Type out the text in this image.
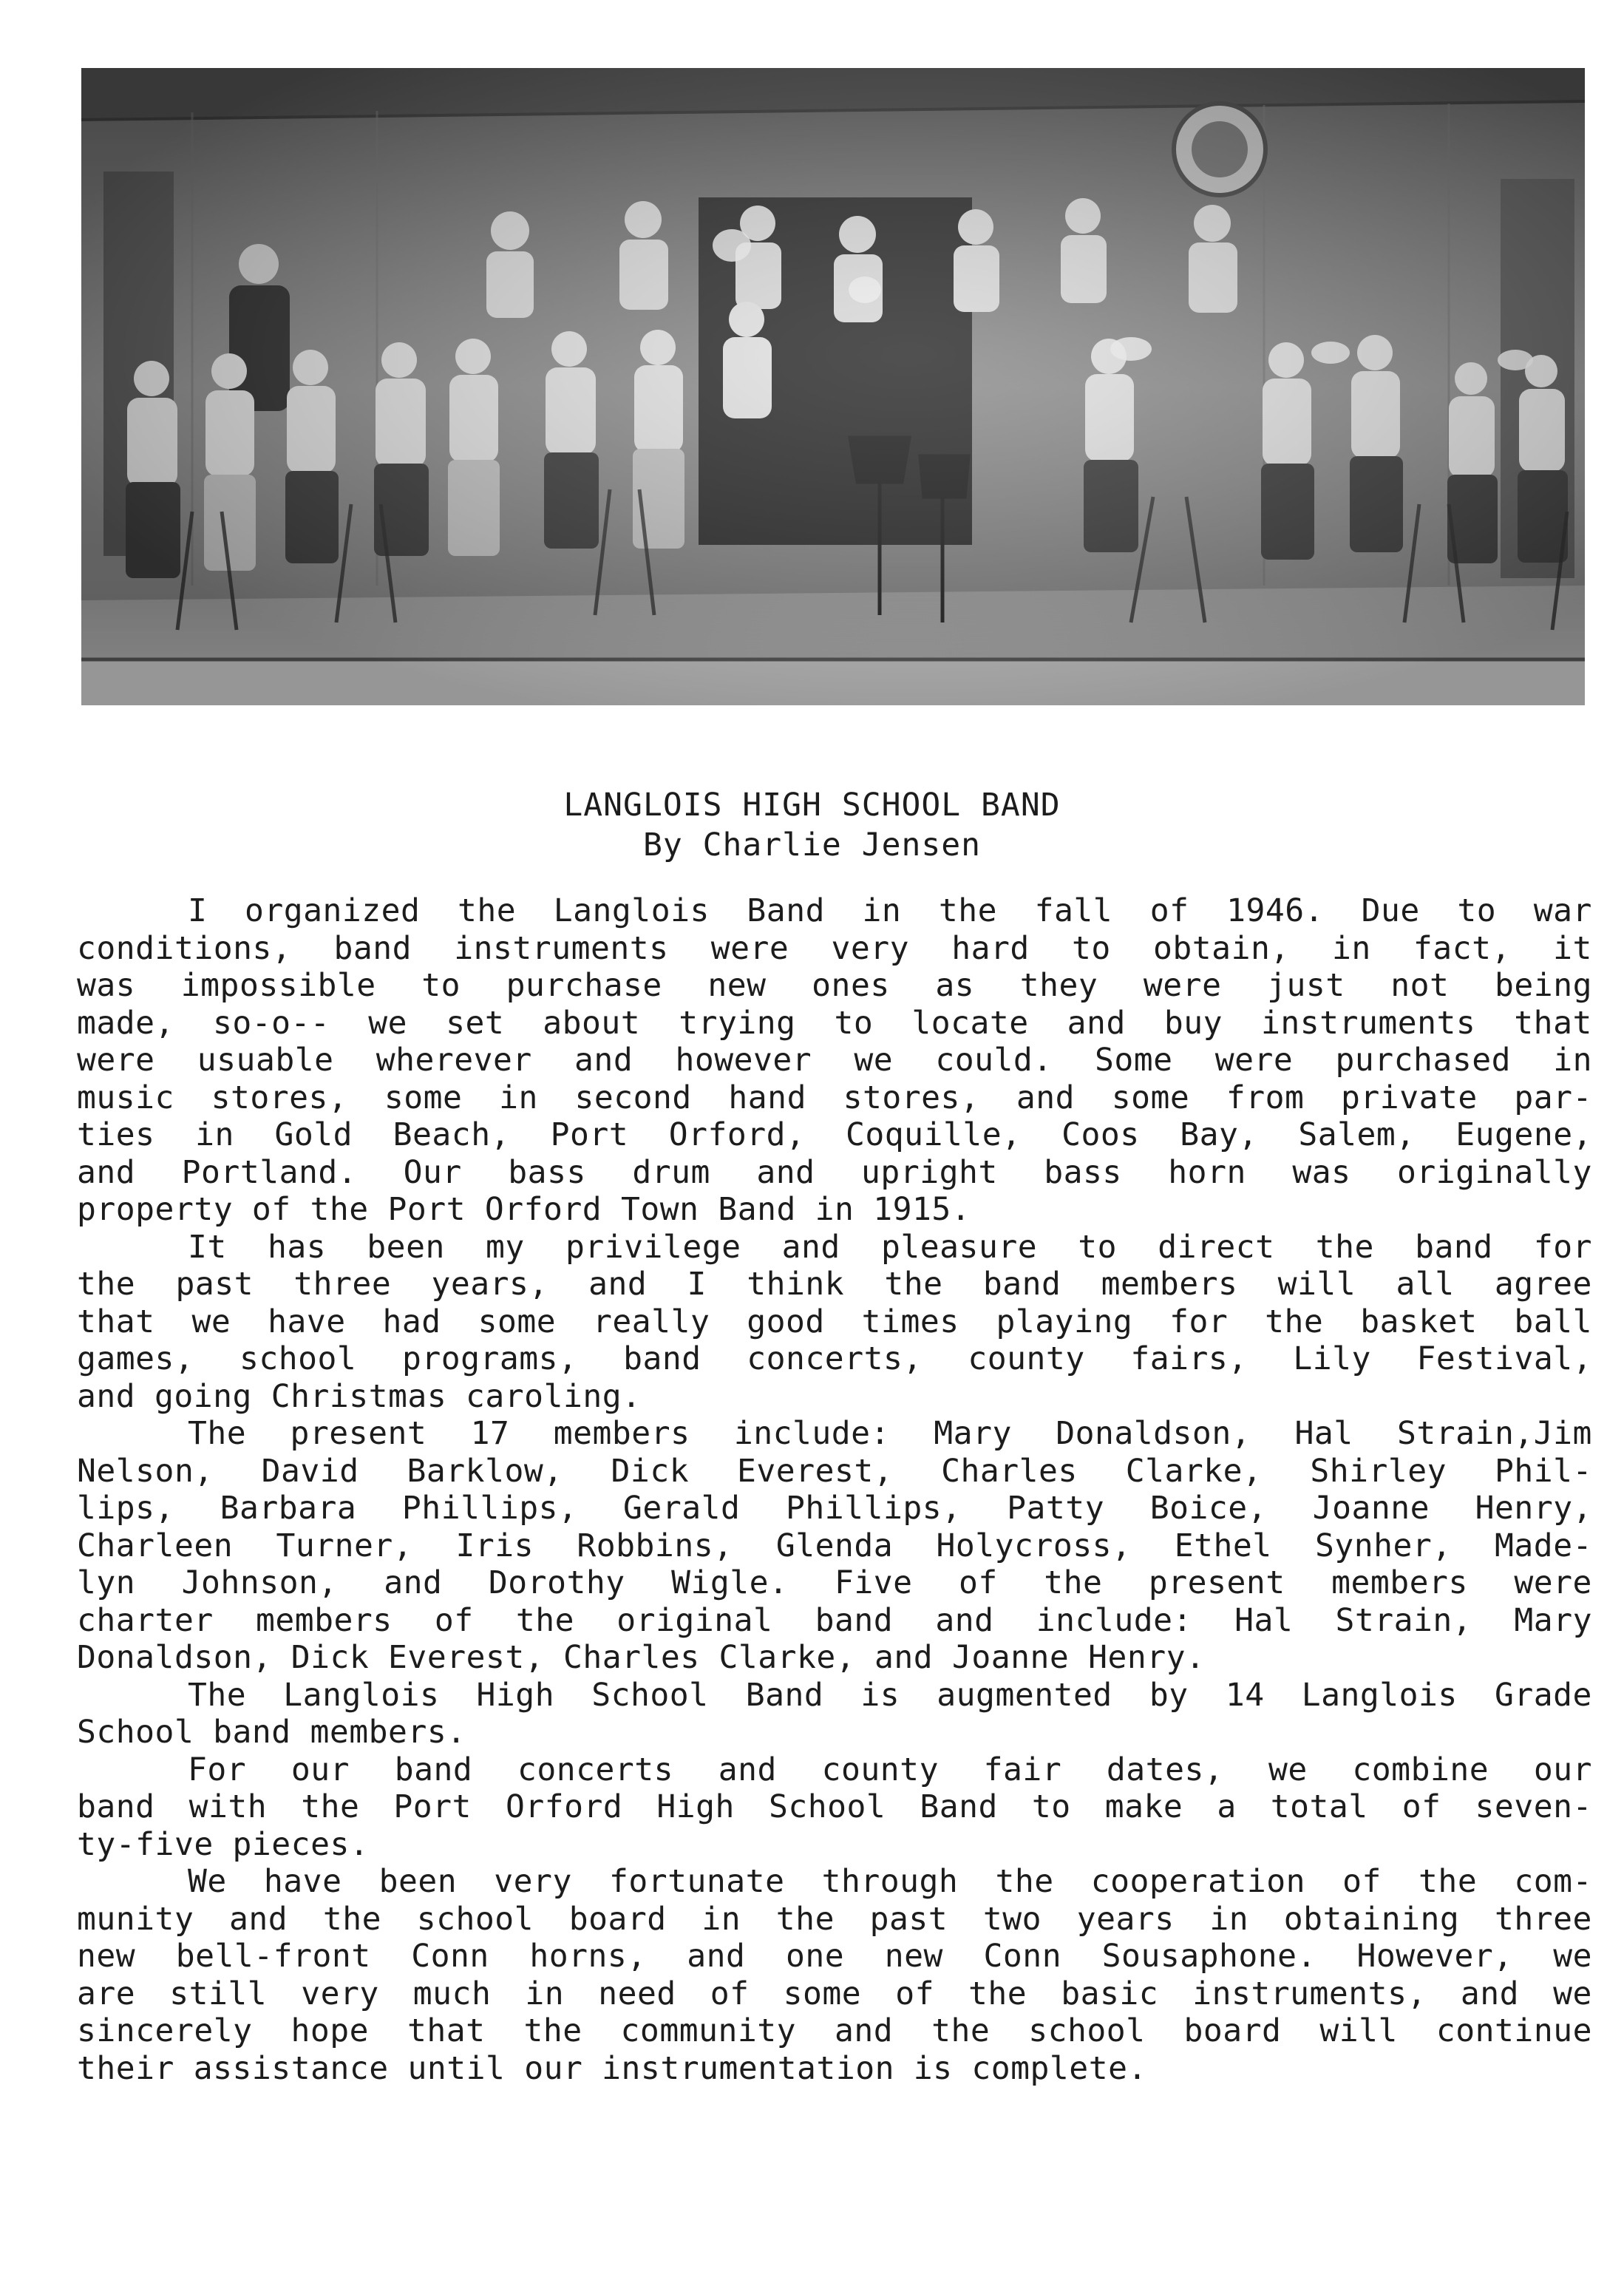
LANGLOIS HIGH SCHOOL BAND
By Charlie Jensen
I organized the Langlois Band in the fall of 1946. Due to war
conditions, band instruments were very hard to obtain, in fact, it
was impossible to purchase new ones as they were just not being
made, so-o-- we set about trying to locate and buy instruments that
were usuable wherever and however we could. Some were purchased in
music stores, some in second hand stores, and some from private par-
ties in Gold Beach, Port Orford, Coquille, Coos Bay, Salem, Eugene,
and Portland. Our bass drum and upright bass horn was originally
property of the Port Orford Town Band in 1915.
It has been my privilege and pleasure to direct the band for
the past three years, and I think the band members will all agree
that we have had some really good times playing for the basket ball
games, school programs, band concerts, county fairs, Lily Festival,
and going Christmas caroling.
The present 17 members include: Mary Donaldson, Hal Strain,Jim
Nelson, David Barklow, Dick Everest, Charles Clarke, Shirley Phil-
lips, Barbara Phillips, Gerald Phillips, Patty Boice, Joanne Henry,
Charleen Turner, Iris Robbins, Glenda Holycross, Ethel Synher, Made-
lyn Johnson, and Dorothy Wigle. Five of the present members were
charter members of the original band and include: Hal Strain, Mary
Donaldson, Dick Everest, Charles Clarke, and Joanne Henry.
The Langlois High School Band is augmented by 14 Langlois Grade
School band members.
For our band concerts and county fair dates, we combine our
band with the Port Orford High School Band to make a total of seven-
ty-five pieces.
We have been very fortunate through the cooperation of the com-
munity and the school board in the past two years in obtaining three
new bell-front Conn horns, and one new Conn Sousaphone. However, we
are still very much in need of some of the basic instruments, and we
sincerely hope that the community and the school board will continue
their assistance until our instrumentation is complete.
